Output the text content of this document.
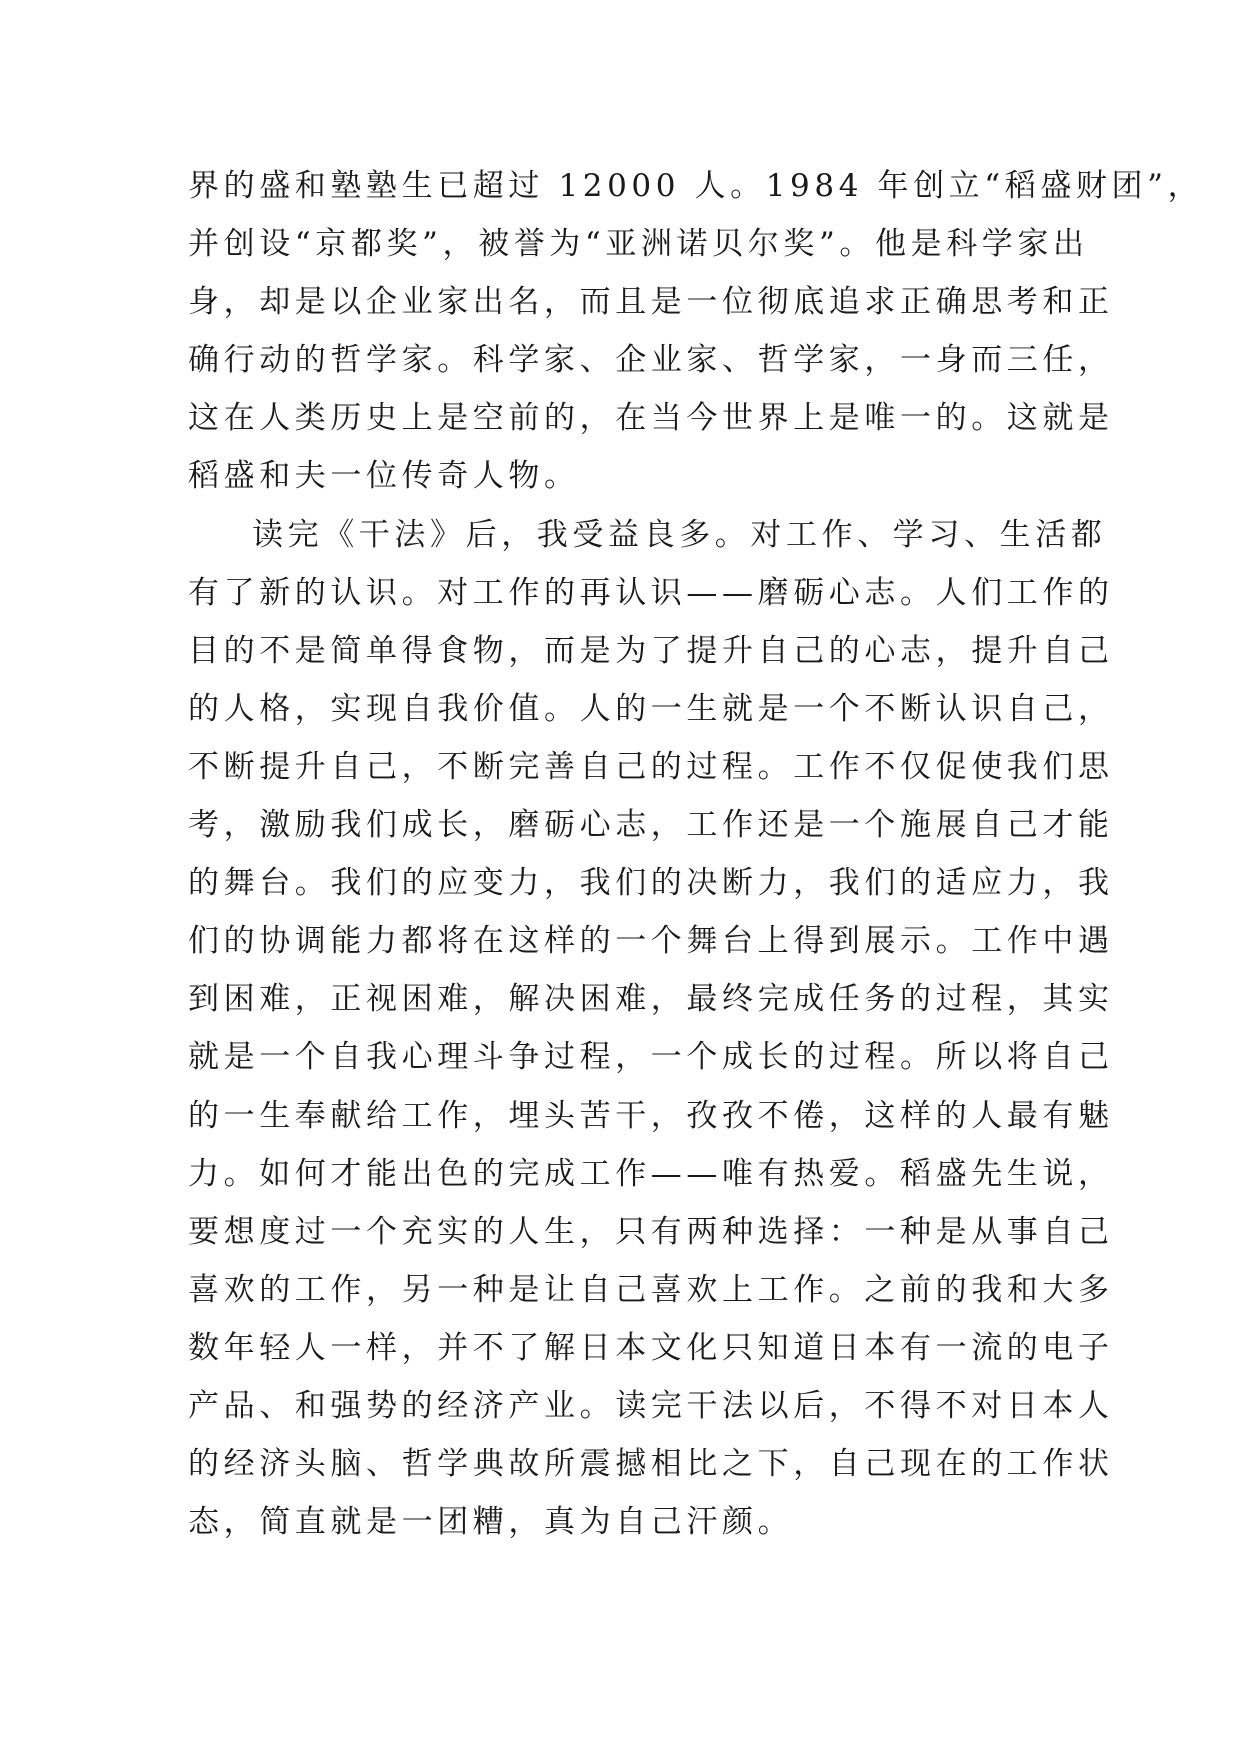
界的盛和塾塾生已超过 12000 人。1984 年创立“稻盛财团”，
并创设“京都奖”，被誉为“亚洲诺贝尔奖”。他是科学家出
身，却是以企业家出名，而且是一位彻底追求正确思考和正
确行动的哲学家。科学家、企业家、哲学家，一身而三任，
这在人类历史上是空前的，在当今世界上是唯一的。这就是
稻盛和夫一位传奇人物。
读完《干法》后，我受益良多。对工作、学习、生活都
有了新的认识。对工作的再认识——磨砺心志。人们工作的
目的不是简单得食物，而是为了提升自己的心志，提升自己
的人格，实现自我价值。人的一生就是一个不断认识自己，
不断提升自己，不断完善自己的过程。工作不仅促使我们思
考，激励我们成长，磨砺心志，工作还是一个施展自己才能
的舞台。我们的应变力，我们的决断力，我们的适应力，我
们的协调能力都将在这样的一个舞台上得到展示。工作中遇
到困难，正视困难，解决困难，最终完成任务的过程，其实
就是一个自我心理斗争过程，一个成长的过程。所以将自己
的一生奉献给工作，埋头苦干，孜孜不倦，这样的人最有魅
力。如何才能出色的完成工作——唯有热爱。稻盛先生说，
要想度过一个充实的人生，只有两种选择：一种是从事自己
喜欢的工作，另一种是让自己喜欢上工作。之前的我和大多
数年轻人一样，并不了解日本文化只知道日本有一流的电子
产品、和强势的经济产业。读完干法以后，不得不对日本人
的经济头脑、哲学典故所震撼相比之下，自己现在的工作状
态，简直就是一团糟，真为自己汗颜。
